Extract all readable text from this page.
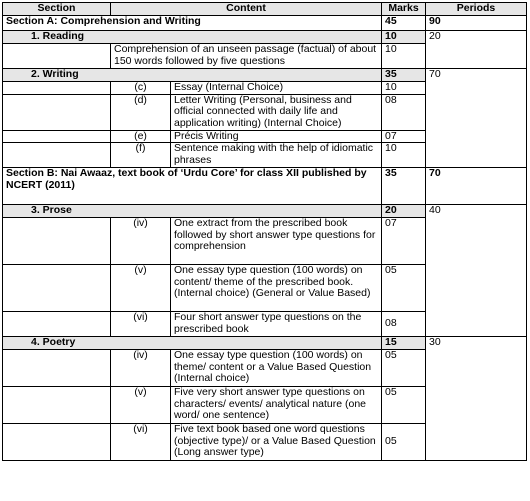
Section	Content		Marks	Periods
Section A: Comprehension and Writing			45	90
1. Reading			10	20
	Comprehension of an unseen passage (factual) of about 150 words followed by five questions		10	
2. Writing			35	70
	(c)	Essay (Internal Choice)	10	
	(d)	Letter Writing (Personal, business and official connected with daily life and application writing) (Internal Choice)	08	
	(e)	Précis Writing	07	
	(f)	Sentence making with the help of idiomatic phrases	10	
Section B: Nai Awaaz, text book of ‘Urdu Core’ for class XII published by NCERT (2011)			35	70
3. Prose			20	40
	(iv)	One extract from the prescribed book followed by short answer type questions for comprehension	07	
	(v)	One essay type question (100 words) on content/ theme of the prescribed book. (Internal choice) (General or Value Based)	05	
	(vi)	Four short answer type questions on the prescribed book	08	
4. Poetry			15	30
	(iv)	One essay type question (100 words) on theme/ content or a Value Based Question (Internal choice)	05	
	(v)	Five very short answer type questions on characters/ events/ analytical nature (one word/ one sentence)	05	
	(vi)	Five text book based one word questions (objective type)/ or a Value Based Question (Long answer type)	05	
